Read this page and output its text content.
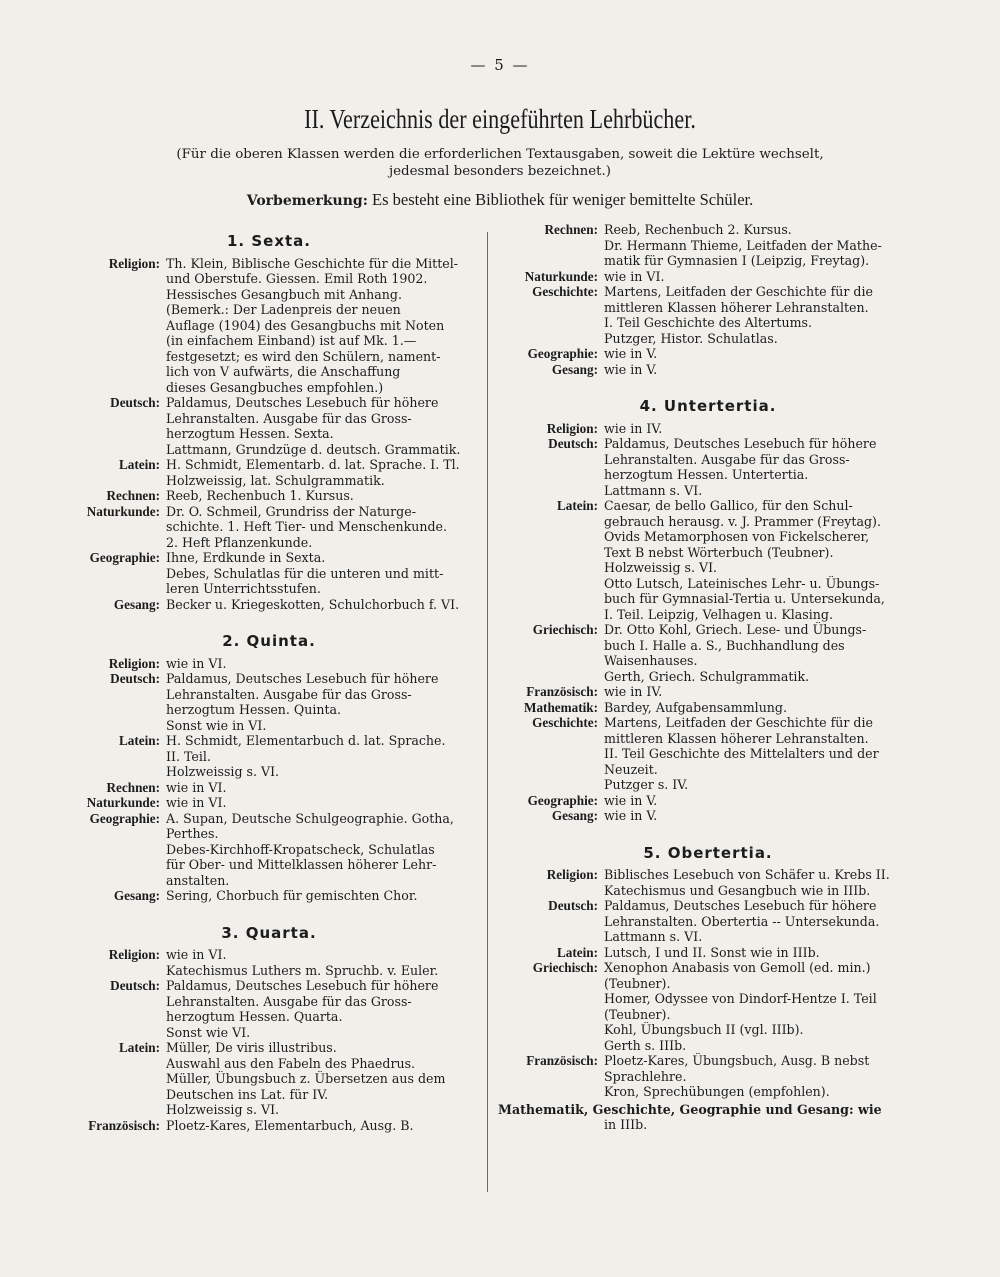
— 5 —
II. Verzeichnis der eingeführten Lehrbücher.
(Für die oberen Klassen werden die erforderlichen Textausgaben, soweit die Lektüre wechselt,
jedesmal besonders bezeichnet.)
Vorbemerkung: Es besteht eine Bibliothek für weniger bemittelte Schüler.
1. Sexta.
Religion: Th. Klein, Biblische Geschichte für die Mittel-
und Oberstufe. Giessen. Emil Roth 1902.
Hessisches Gesangbuch mit Anhang.
(Bemerk.: Der Ladenpreis der neuen
Auflage (1904) des Gesangbuchs mit Noten
(in einfachem Einband) ist auf Mk. 1.—
festgesetzt; es wird den Schülern, nament-
lich von V aufwärts, die Anschaffung
dieses Gesangbuches empfohlen.)
Deutsch: Paldamus, Deutsches Lesebuch für höhere
Lehranstalten. Ausgabe für das Gross-
herzogtum Hessen. Sexta.
Lattmann, Grundzüge d. deutsch. Grammatik.
Latein: H. Schmidt, Elementarb. d. lat. Sprache. I. Tl.
Holzweissig, lat. Schulgrammatik.
Rechnen: Reeb, Rechenbuch 1. Kursus.
Naturkunde: Dr. O. Schmeil, Grundriss der Naturge-
schichte. 1. Heft Tier- und Menschenkunde.
2. Heft Pflanzenkunde.
Geographie: Ihne, Erdkunde in Sexta.
Debes, Schulatlas für die unteren und mitt-
leren Unterrichtsstufen.
Gesang: Becker u. Kriegeskotten, Schulchorbuch f. VI.
2. Quinta.
Religion: wie in VI.
Deutsch: Paldamus, Deutsches Lesebuch für höhere
Lehranstalten. Ausgabe für das Gross-
herzogtum Hessen. Quinta.
Sonst wie in VI.
Latein: H. Schmidt, Elementarbuch d. lat. Sprache.
II. Teil.
Holzweissig s. VI.
Rechnen: wie in VI.
Naturkunde: wie in VI.
Geographie: A. Supan, Deutsche Schulgeographie. Gotha,
Perthes.
Debes-Kirchhoff-Kropatscheck, Schulatlas
für Ober- und Mittelklassen höherer Lehr-
anstalten.
Gesang: Sering, Chorbuch für gemischten Chor.
3. Quarta.
Religion: wie in VI.
Katechismus Luthers m. Spruchb. v. Euler.
Deutsch: Paldamus, Deutsches Lesebuch für höhere
Lehranstalten. Ausgabe für das Gross-
herzogtum Hessen. Quarta.
Sonst wie VI.
Latein: Müller, De viris illustribus.
Auswahl aus den Fabeln des Phaedrus.
Müller, Übungsbuch z. Übersetzen aus dem
Deutschen ins Lat. für IV.
Holzweissig s. VI.
Französisch: Ploetz-Kares, Elementarbuch, Ausg. B.
Rechnen: Reeb, Rechenbuch 2. Kursus.
Dr. Hermann Thieme, Leitfaden der Mathe-
matik für Gymnasien I (Leipzig, Freytag).
Naturkunde: wie in VI.
Geschichte: Martens, Leitfaden der Geschichte für die
mittleren Klassen höherer Lehranstalten.
I. Teil Geschichte des Altertums.
Putzger, Histor. Schulatlas.
Geographie: wie in V.
Gesang: wie in V.
4. Untertertia.
Religion: wie in IV.
Deutsch: Paldamus, Deutsches Lesebuch für höhere
Lehranstalten. Ausgabe für das Gross-
herzogtum Hessen. Untertertia.
Lattmann s. VI.
Latein: Caesar, de bello Gallico, für den Schul-
gebrauch herausg. v. J. Prammer (Freytag).
Ovids Metamorphosen von Fickelscherer,
Text B nebst Wörterbuch (Teubner).
Holzweissig s. VI.
Otto Lutsch, Lateinisches Lehr- u. Übungs-
buch für Gymnasial-Tertia u. Untersekunda,
I. Teil. Leipzig, Velhagen u. Klasing.
Griechisch: Dr. Otto Kohl, Griech. Lese- und Übungs-
buch I. Halle a. S., Buchhandlung des
Waisenhauses.
Gerth, Griech. Schulgrammatik.
Französisch: wie in IV.
Mathematik: Bardey, Aufgabensammlung.
Geschichte: Martens, Leitfaden der Geschichte für die
mittleren Klassen höherer Lehranstalten.
II. Teil Geschichte des Mittelalters und der
Neuzeit.
Putzger s. IV.
Geographie: wie in V.
Gesang: wie in V.
5. Obertertia.
Religion: Biblisches Lesebuch von Schäfer u. Krebs II.
Katechismus und Gesangbuch wie in IIIb.
Deutsch: Paldamus, Deutsches Lesebuch für höhere
Lehranstalten. Obertertia -- Untersekunda.
Lattmann s. VI.
Latein: Lutsch, I und II. Sonst wie in IIIb.
Griechisch: Xenophon Anabasis von Gemoll (ed. min.)
(Teubner).
Homer, Odyssee von Dindorf-Hentze I. Teil
(Teubner).
Kohl, Übungsbuch II (vgl. IIIb).
Gerth s. IIIb.
Französisch: Ploetz-Kares, Übungsbuch, Ausg. B nebst
Sprachlehre.
Kron, Sprechübungen (empfohlen).
Mathematik, Geschichte, Geographie und Gesang: wie
in IIIb.
